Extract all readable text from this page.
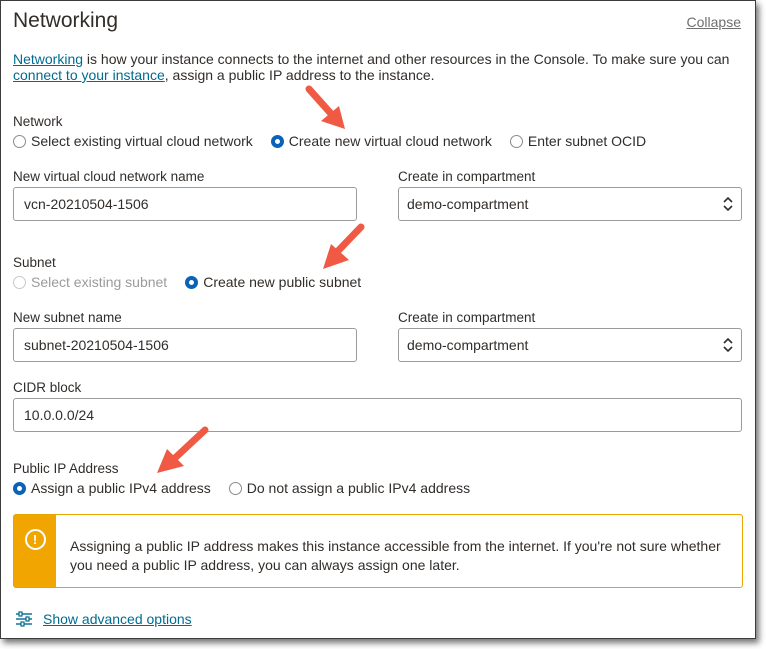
Networking	Collapse
Networking is how your instance connects to the internet and other resources in the Console. To make sure you can connect to your instance, assign a public IP address to the instance.
Network
Select existing virtual cloud network	Create new virtual cloud network	Enter subnet OCID
New virtual cloud network name
vcn-20210504-1506
Create in compartment
demo-compartment
Subnet
Select existing subnet	Create new public subnet
New subnet name
subnet-20210504-1506
Create in compartment
demo-compartment
CIDR block
10.0.0.0/24
Public IP Address
Assign a public IPv4 address	Do not assign a public IPv4 address
!	Assigning a public IP address makes this instance accessible from the internet. If you're not sure whether you need a public IP address, you can always assign one later.
Show advanced options
